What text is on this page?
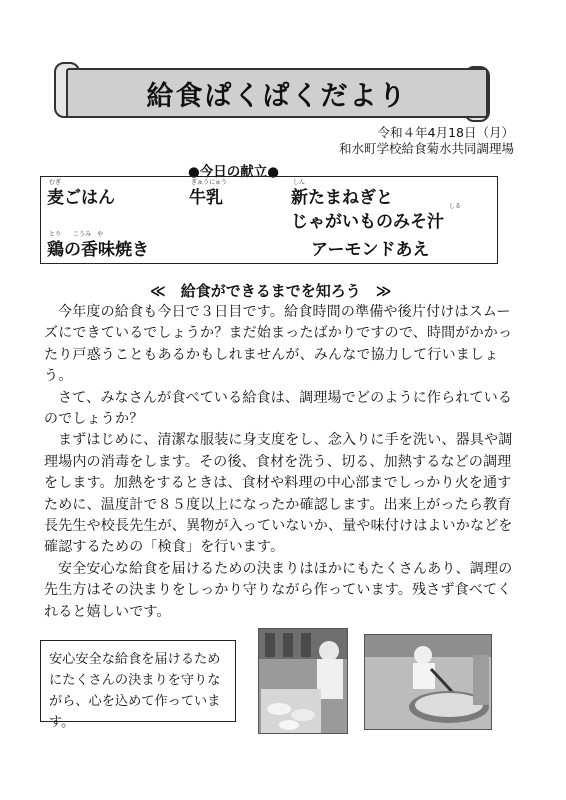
給食ぱくぱくだより
令和４年4月18日（月）
和水町学校給食菊水共同調理場
●今日の献立●
むぎ
麦ごはん
ぎゅうにゅう
牛乳
しん
新たまねぎと	しる
じゃがいものみそ汁
とり　　こうみ　や
鶏の香味焼き	アーモンドあえ
≪　給食ができるまでを知ろう　≫

今年度の給食も今日で３日目です。給食時間の準備や後片付けはスムーズにできているでしょうか？まだ始まったばかりですので、時間がかかったり戸惑うこともあるかもしれませんが、みんなで協力して行いましょう。

さて、みなさんが食べている給食は、調理場でどのように作られているのでしょうか？

まずはじめに、清潔な服装に身支度をし、念入りに手を洗い、器具や調理場内の消毒をします。その後、食材を洗う、切る、加熱するなどの調理をします。加熱をするときは、食材や料理の中心部までしっかり火を通すために、温度計で８５度以上になったか確認します。出来上がったら教育長先生や校長先生が、異物が入っていないか、量や味付けはよいかなどを確認するための「検食」を行います。

安全安心な給食を届けるための決まりはほかにもたくさんあり、調理の先生方はその決まりをしっかり守りながら作っています。残さず食べてくれると嬉しいです。

安心安全な給食を届けるためにたくさんの決まりを守りながら、心を込めて作っています。
